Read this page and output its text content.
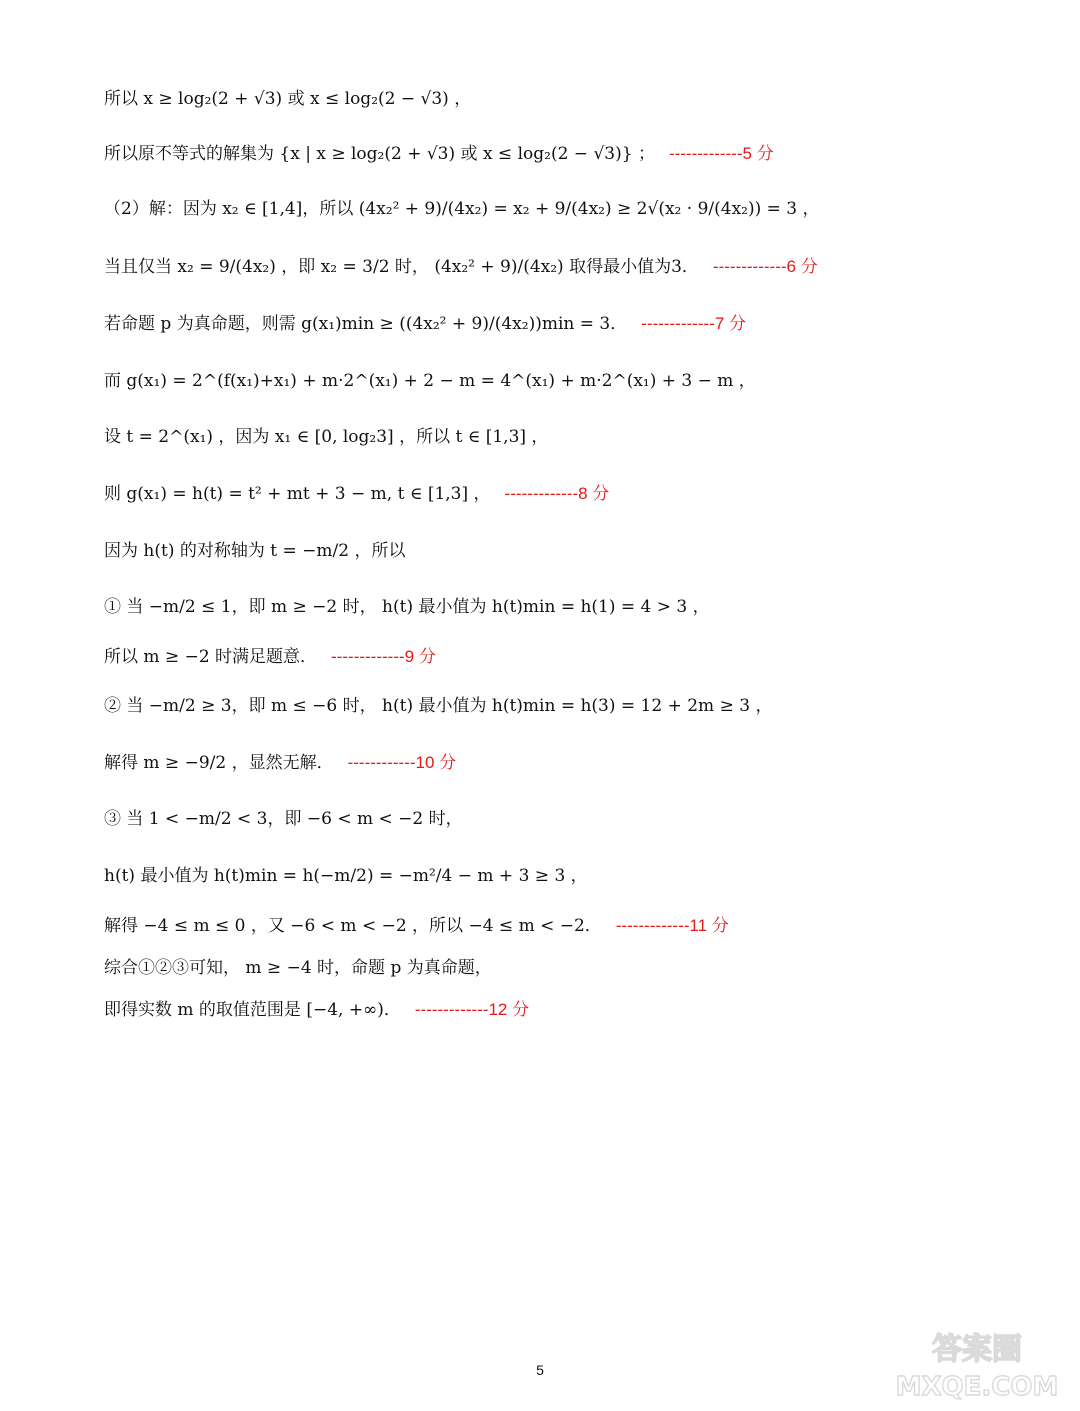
所以 x ≥ log₂(2 + √3) 或 x ≤ log₂(2 − √3) ，
所以原不等式的解集为 {x | x ≥ log₂(2 + √3) 或 x ≤ log₂(2 − √3)} ； -------------5 分
（2）解：因为 x₂ ∈ [1,4]，所以 (4x₂² + 9)/(4x₂) = x₂ + 9/(4x₂) ≥ 2√(x₂ · 9/(4x₂)) = 3 ，
当且仅当 x₂ = 9/(4x₂) ，即 x₂ = 3/2 时， (4x₂² + 9)/(4x₂) 取得最小值为3． -------------6 分
若命题 p 为真命题，则需 g(x₁)min ≥ ((4x₂² + 9)/(4x₂))min = 3． -------------7 分
而 g(x₁) = 2^(f(x₁)+x₁) + m·2^(x₁) + 2 − m = 4^(x₁) + m·2^(x₁) + 3 − m ，
设 t = 2^(x₁) ，因为 x₁ ∈ [0, log₂3] ，所以 t ∈ [1,3] ，
则 g(x₁) = h(t) = t² + mt + 3 − m, t ∈ [1,3] ， -------------8 分
因为 h(t) 的对称轴为 t = −m/2 ，所以
① 当 −m/2 ≤ 1，即 m ≥ −2 时， h(t) 最小值为 h(t)min = h(1) = 4 > 3 ，
所以 m ≥ −2 时满足题意． -------------9 分
② 当 −m/2 ≥ 3，即 m ≤ −6 时， h(t) 最小值为 h(t)min = h(3) = 12 + 2m ≥ 3 ，
解得 m ≥ −9/2 ，显然无解． ------------10 分
③ 当 1 < −m/2 < 3，即 −6 < m < −2 时，
h(t) 最小值为 h(t)min = h(−m/2) = −m²/4 − m + 3 ≥ 3 ，
解得 −4 ≤ m ≤ 0 ，又 −6 < m < −2 ，所以 −4 ≤ m < −2． -------------11 分
综合①②③可知， m ≥ −4 时，命题 p 为真命题，
即得实数 m 的取值范围是 [−4, +∞)． -------------12 分
5
答案圈
MXQE.COM
